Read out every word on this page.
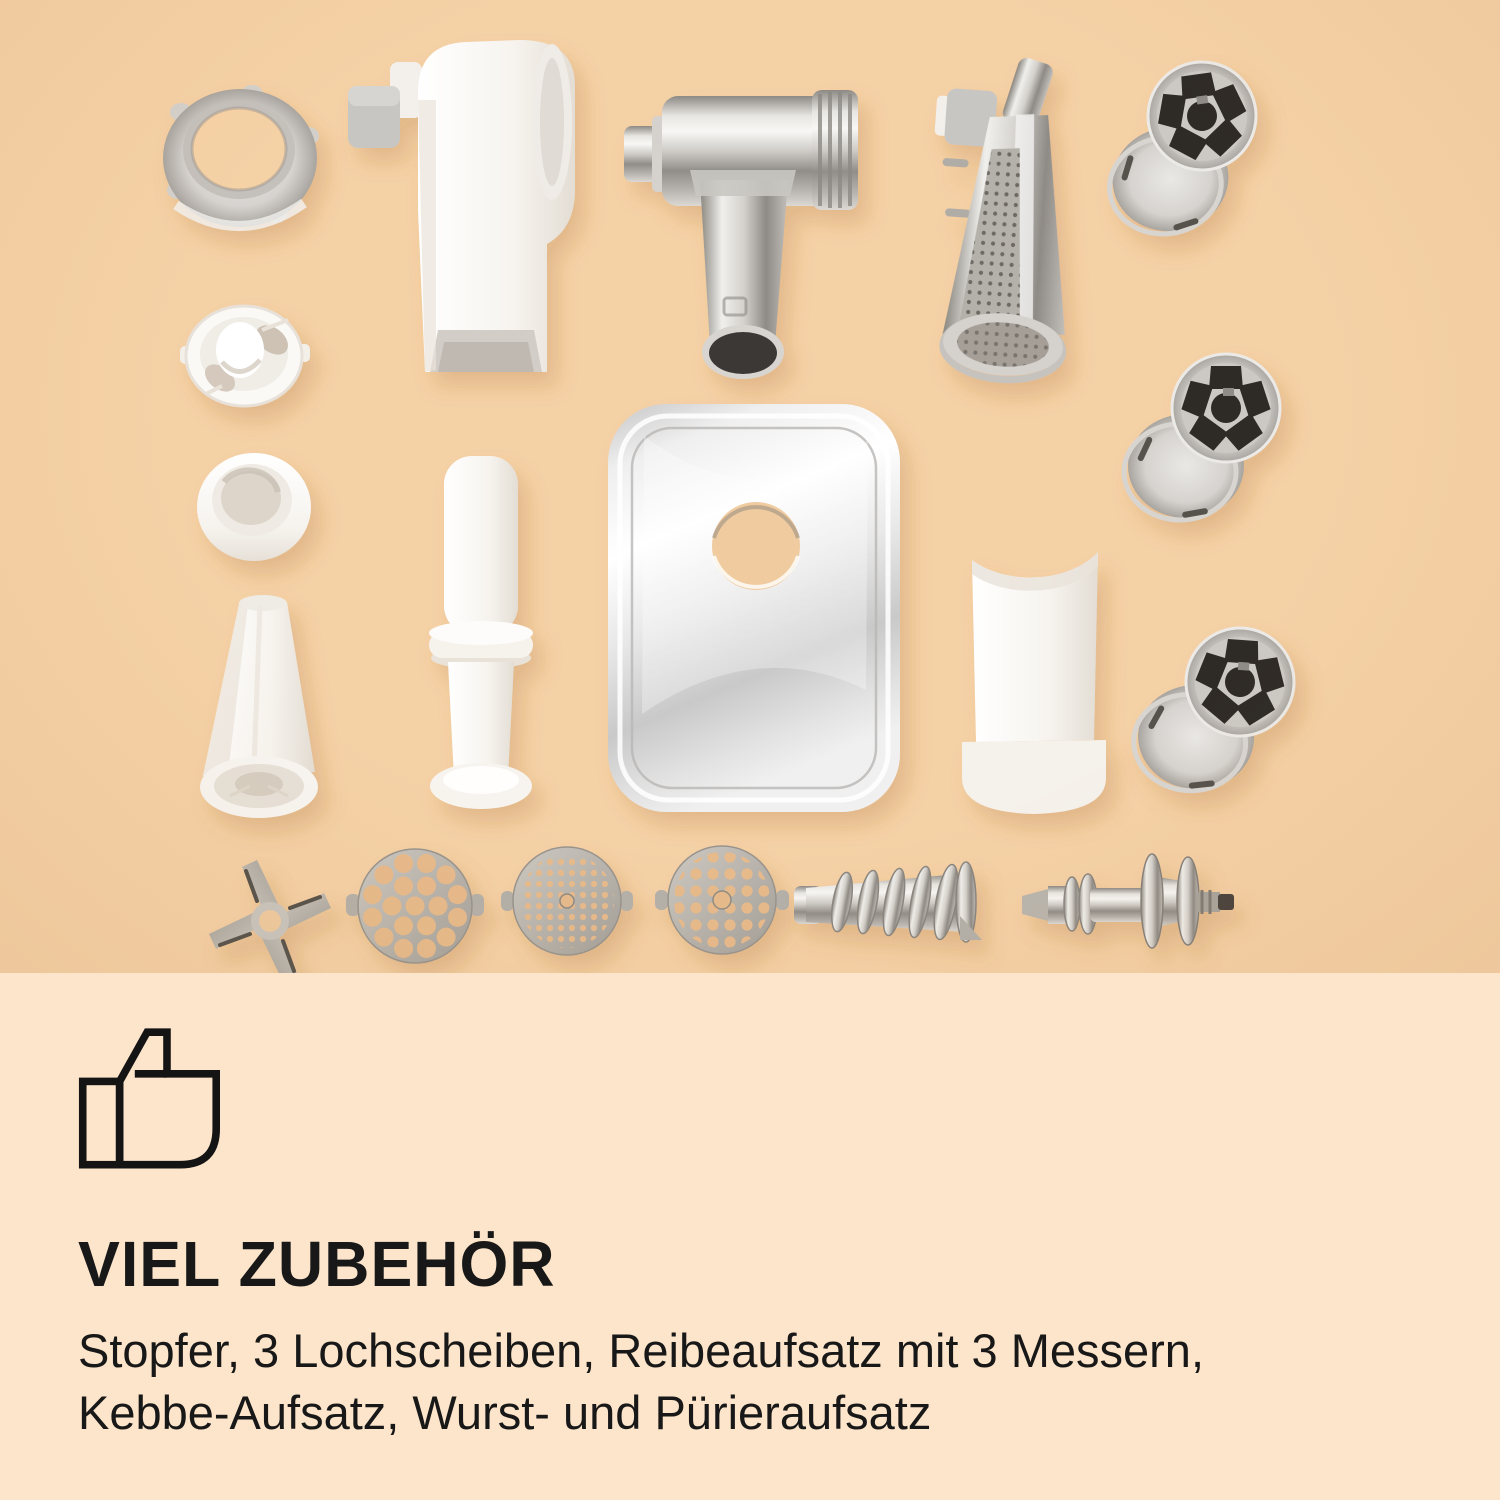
VIEL ZUBEHÖR

Stopfer, 3 Lochscheiben, Reibeaufsatz mit 3 Messern,
Kebbe-Aufsatz, Wurst- und Pürieraufsatz
